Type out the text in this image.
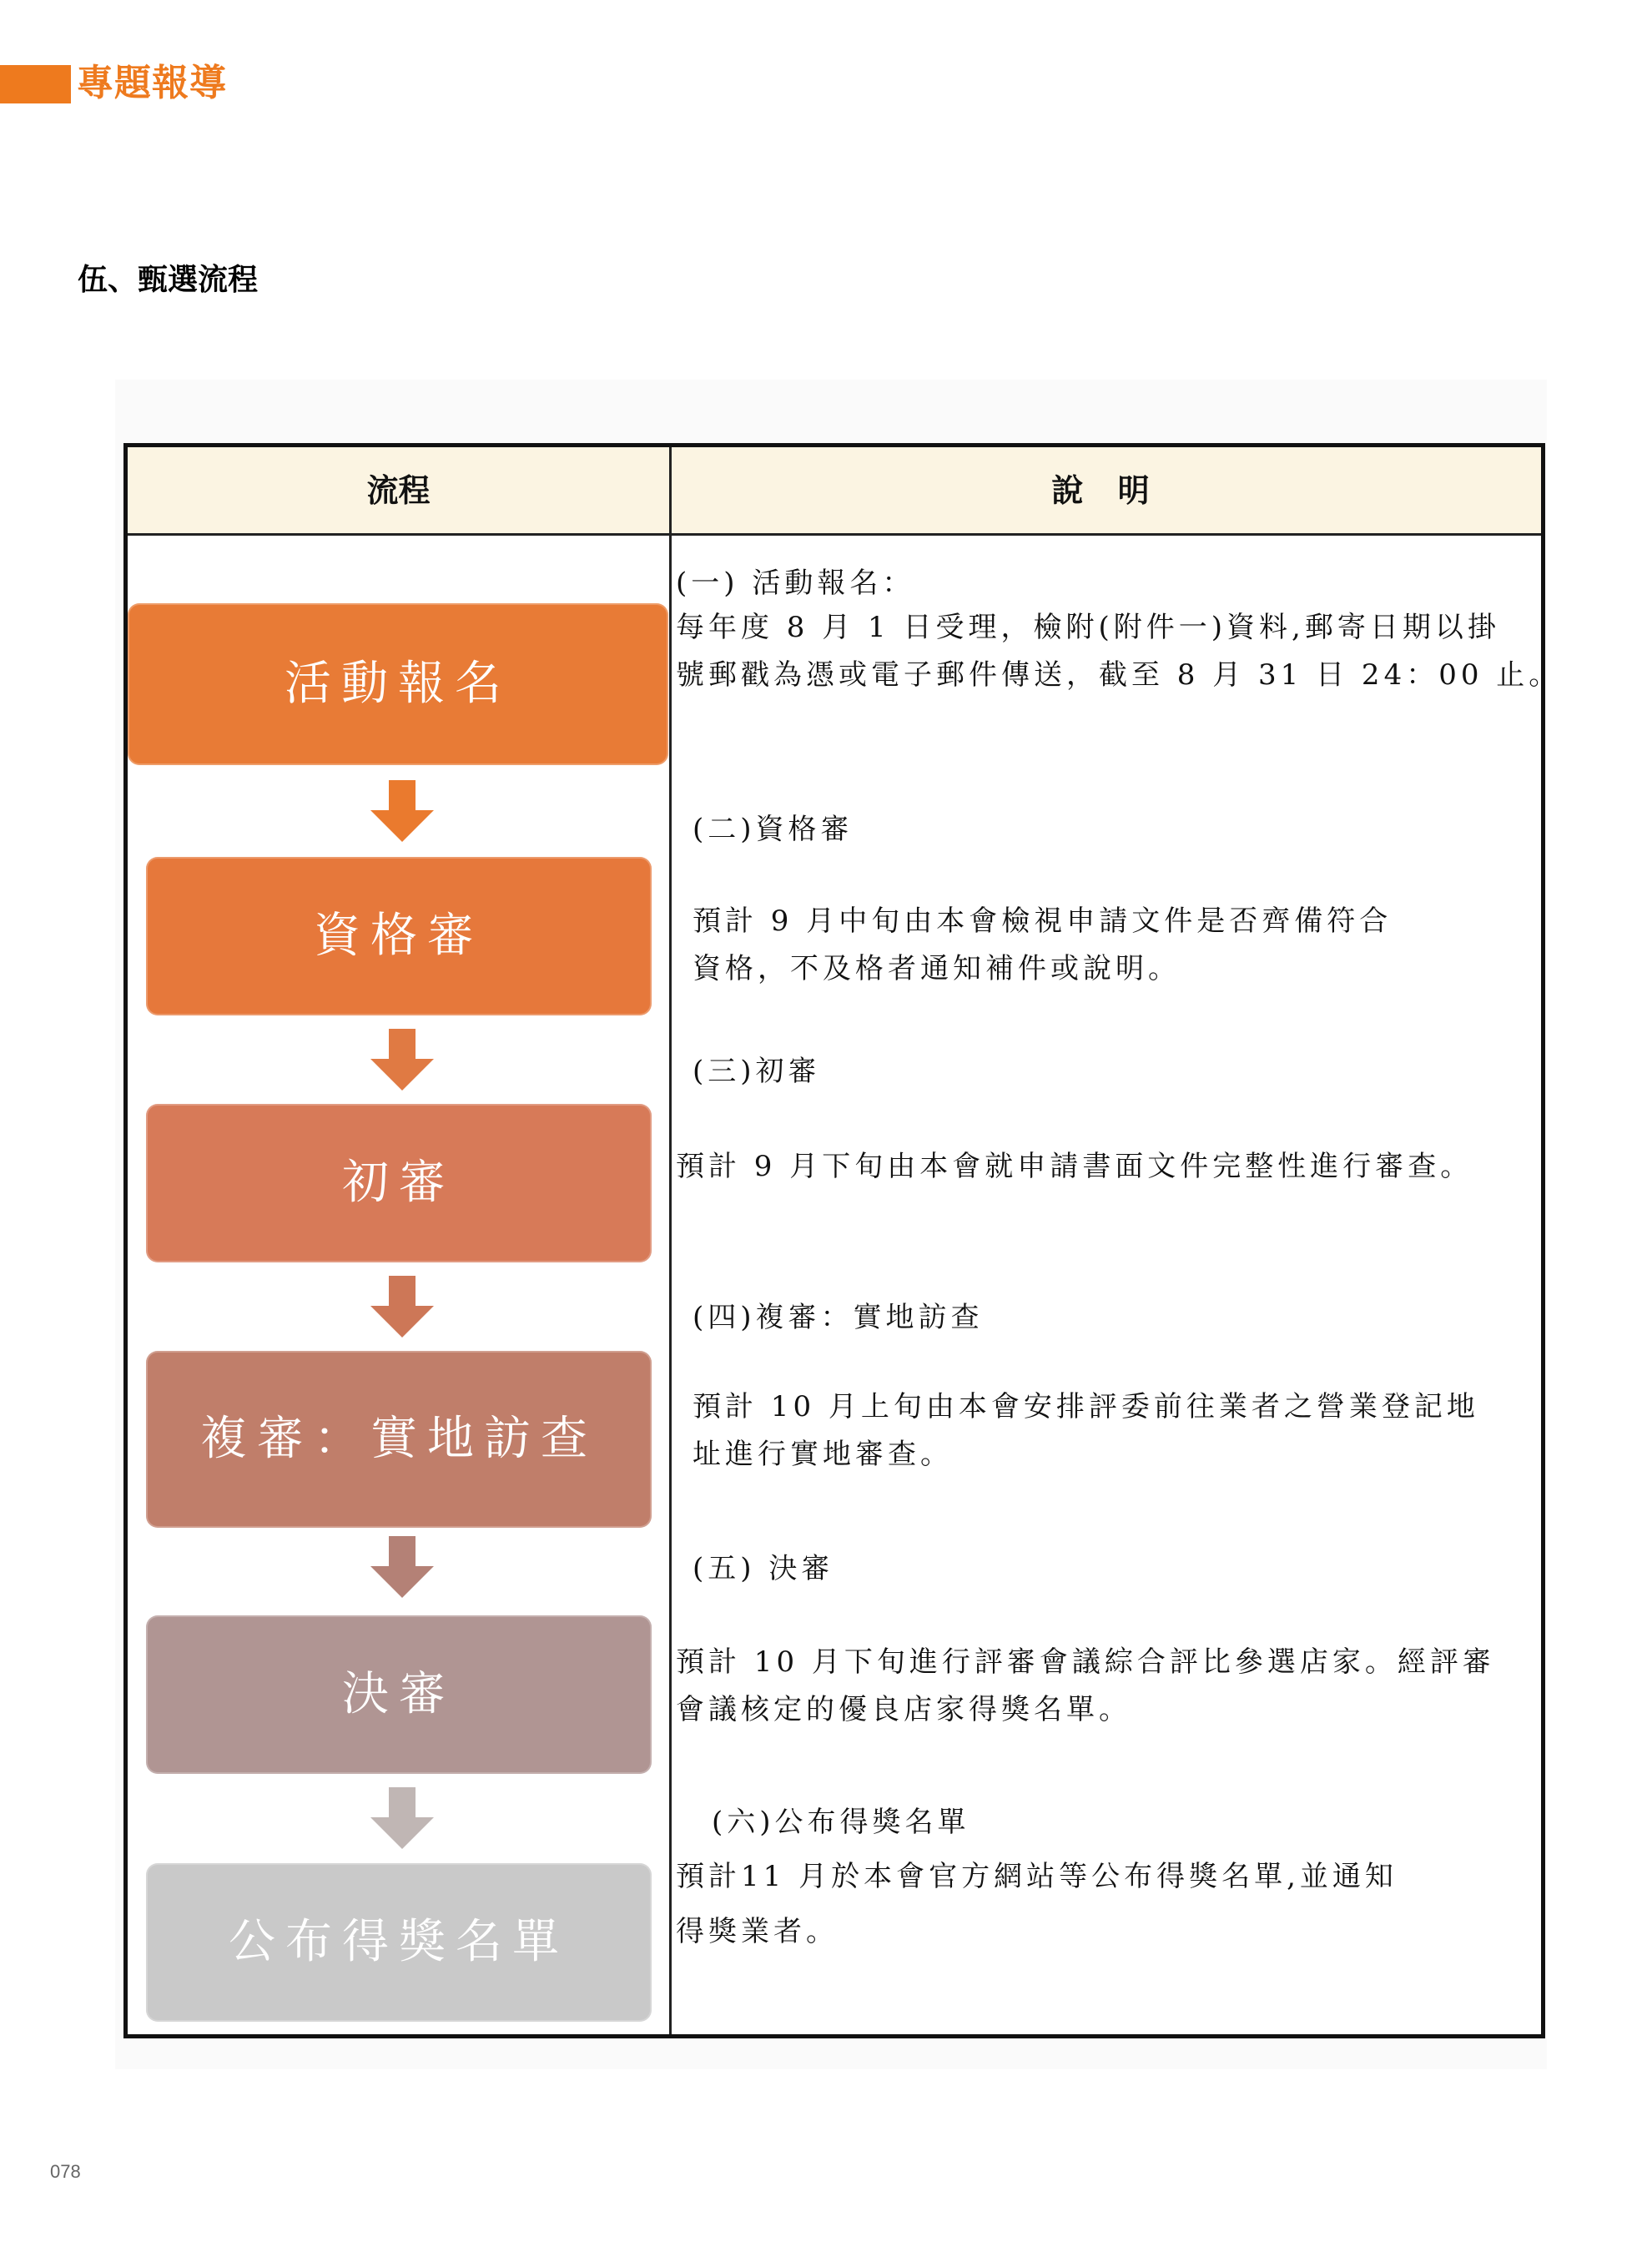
專題報導
伍、甄選流程
流程	說 明
活動報名
資格審
初審
複審：實地訪查
決審
公布得獎名單

(一) 活動報名：

每年度 8 月 1 日受理，檢附(附件一)資料,郵寄日期以掛
號郵戳為憑或電子郵件傳送，截至 8 月 31 日 24：00 止。

(二)資格審

預計 9 月中旬由本會檢視申請文件是否齊備符合
資格，不及格者通知補件或說明。

(三)初審

預計 9 月下旬由本會就申請書面文件完整性進行審查。

(四)複審：實地訪查

預計 10 月上旬由本會安排評委前往業者之營業登記地
址進行實地審查。

(五) 決審

預計 10 月下旬進行評審會議綜合評比參選店家。經評審
會議核定的優良店家得獎名單。

(六)公布得獎名單

預計11 月於本會官方網站等公布得獎名單,並通知
得獎業者。

078
